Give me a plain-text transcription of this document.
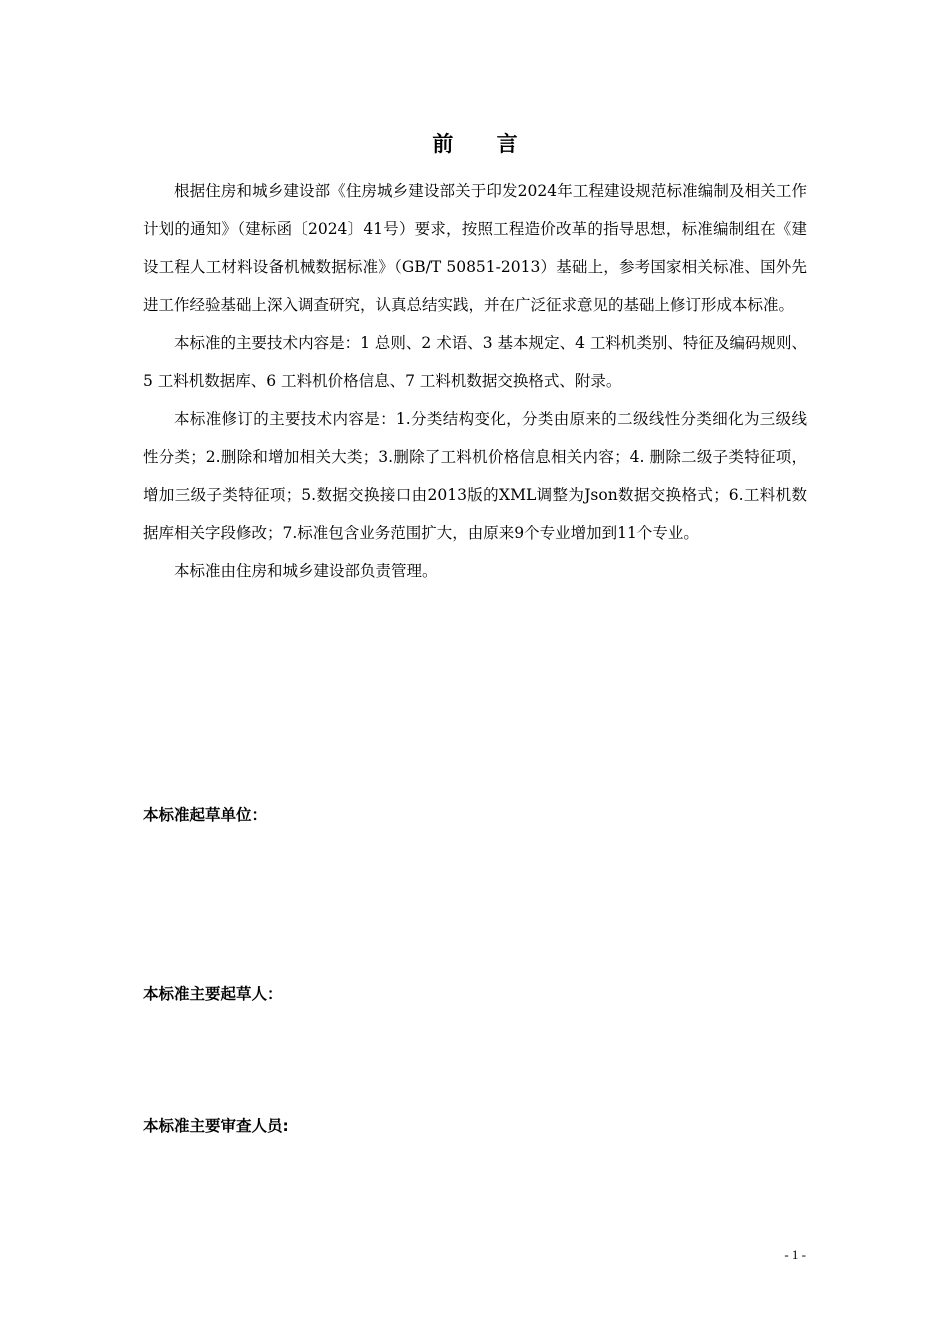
前 言

根据住房和城乡建设部《住房城乡建设部关于印发2024年工程建设规范标准编制及相关工作计划的通知》（建标函〔2024〕41号）要求，按照工程造价改革的指导思想，标准编制组在《建设工程人工材料设备机械数据标准》（GB/T 50851-2013）基础上，参考国家相关标准、国外先进工作经验基础上深入调查研究，认真总结实践，并在广泛征求意见的基础上修订形成本标准。

本标准的主要技术内容是：1 总则、2 术语、3 基本规定、4 工料机类别、特征及编码规则、5 工料机数据库、6 工料机价格信息、7 工料机数据交换格式、附录。

本标准修订的主要技术内容是：1.分类结构变化，分类由原来的二级线性分类细化为三级线性分类；2.删除和增加相关大类；3.删除了工料机价格信息相关内容；4. 删除二级子类特征项，增加三级子类特征项；5.数据交换接口由2013版的XML调整为Json数据交换格式；6.工料机数据库相关字段修改；7.标准包含业务范围扩大，由原来9个专业增加到11个专业。

本标准由住房和城乡建设部负责管理。

本标准起草单位：
本标准主要起草人：
本标准主要审查人员:
- 1 -
